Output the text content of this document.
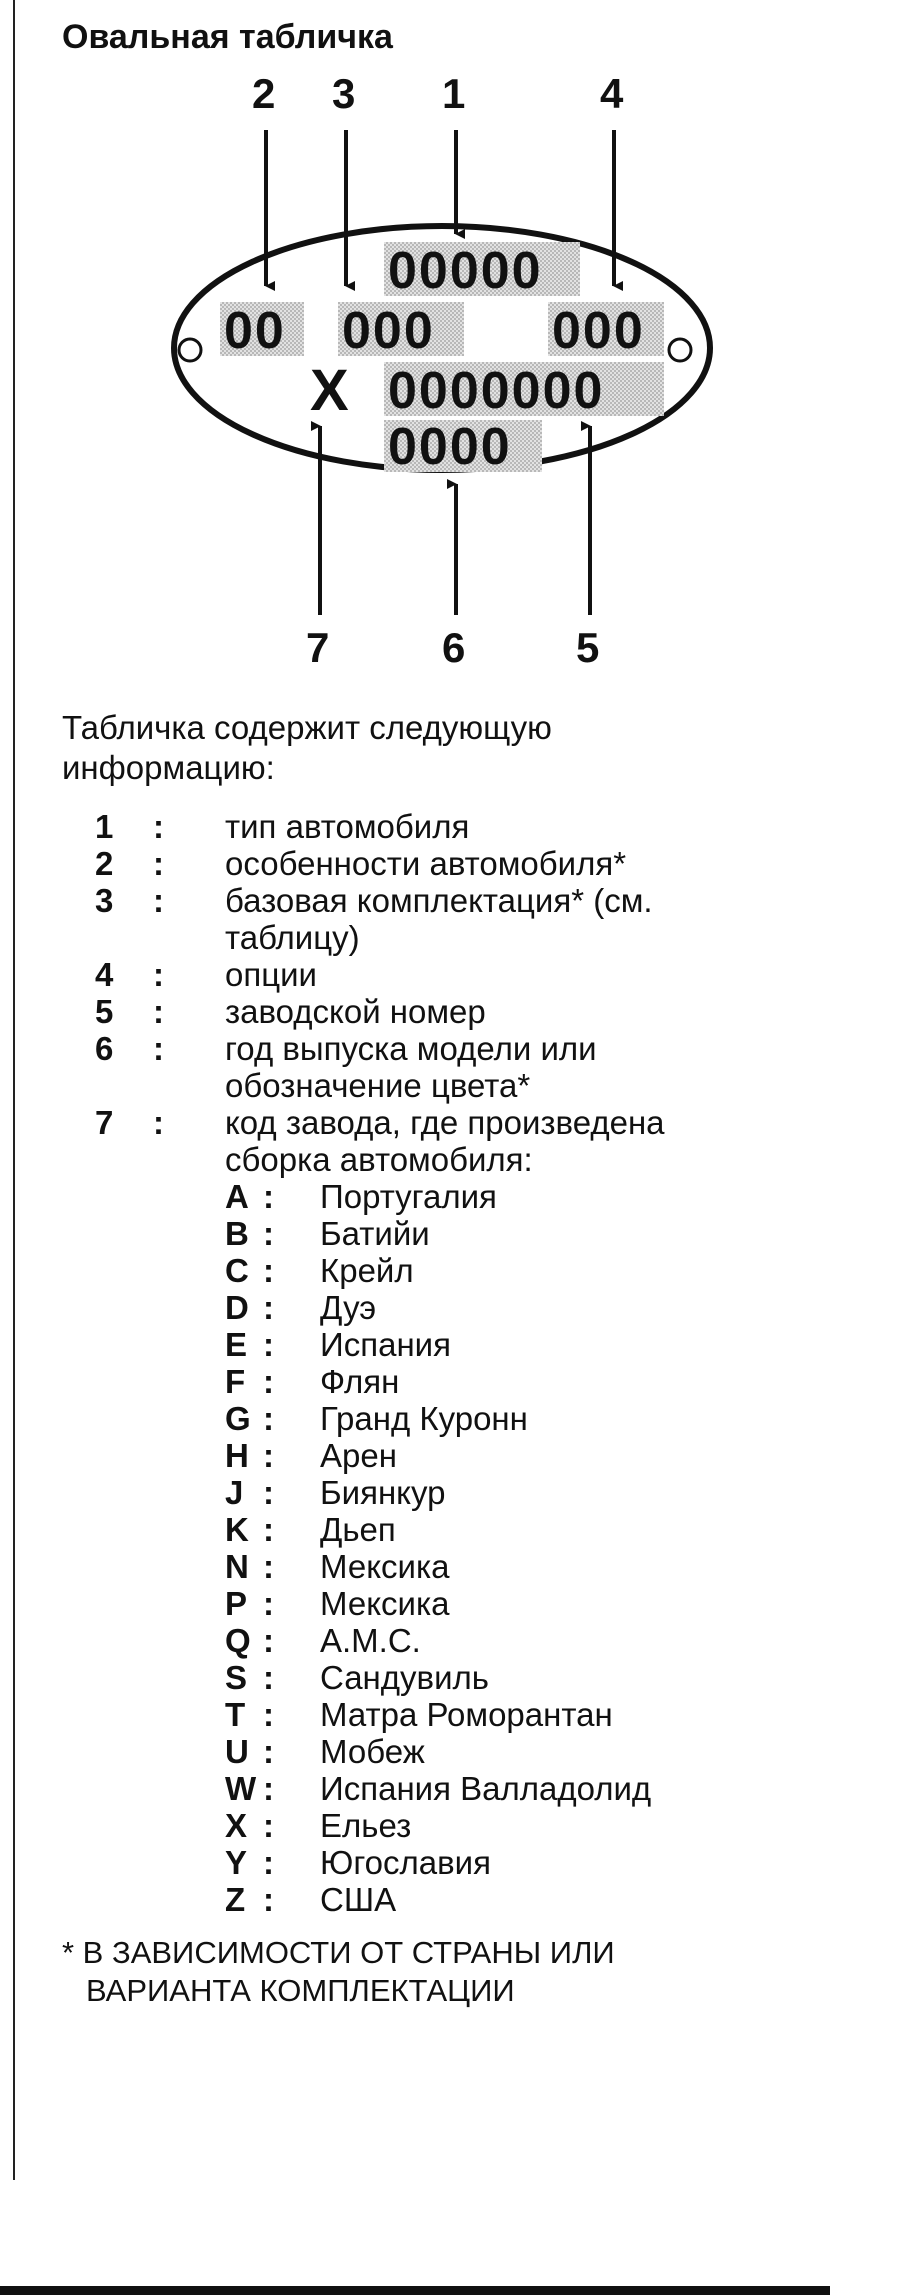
Овальная табличка
00000
00 000 000
0000000
0000
X
2 3 1	4
7	6	5
Табличка содержит следующую
информацию:
1 : тип автомобиля
2 : особенности автомобиля*
3 : базовая комплектация* (см. таблицу)
4 : опции
5 : заводской номер
6 : год выпуска модели или обозначение цвета*
7 : код завода, где произведена сборка автомобиля:
A : Португалия
B : Батийи
C : Крейл
D : Дуэ
E : Испания
F : Флян
G : Гранд Куронн
H : Арен
J : Биянкур
K : Дьеп
N : Мексика
P : Мексика
Q : А.М.С.
S : Сандувиль
T : Матра Роморантан
U : Мобеж
W : Испания Валладолид
X : Ельез
Y : Югославия
Z : США
* В ЗАВИСИМОСТИ ОТ СТРАНЫ ИЛИ
ВАРИАНТА КОМПЛЕКТАЦИИ
